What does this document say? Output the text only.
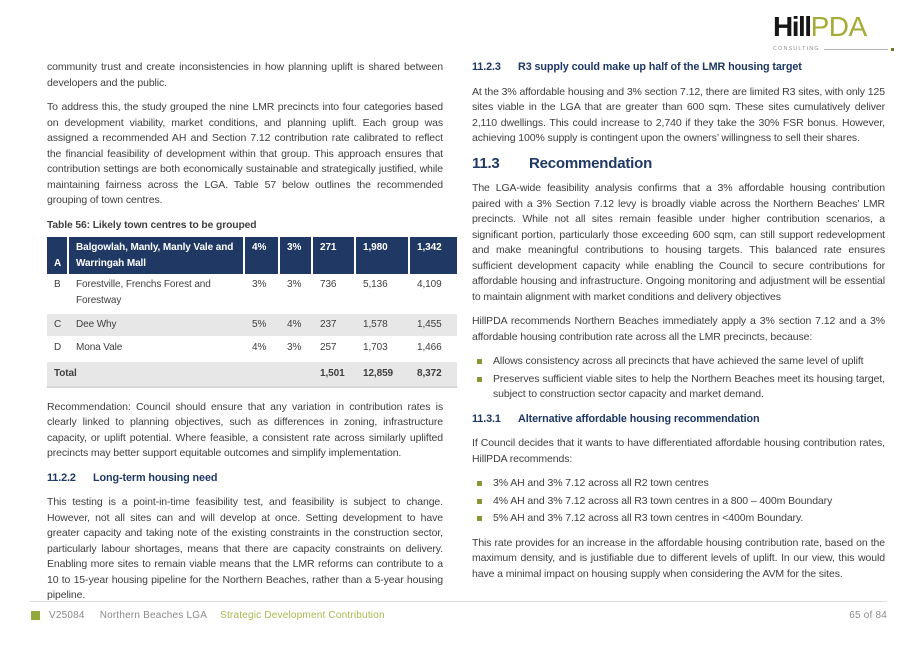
HillPDA
CONSULTING

community trust and create inconsistencies in how planning uplift is shared between developers and the public.

To address this, the study grouped the nine LMR precincts into four categories based on development viability, market conditions, and planning uplift. Each group was assigned a recommended AH and Section 7.12 contribution rate calibrated to reflect the financial feasibility of development within that group. This approach ensures that contribution settings are both economically sustainable and strategically justified, while maintaining fairness across the LGA. Table 57 below outlines the recommended grouping of town centres.

Table 56: Likely town centres to be grouped
A	Balgowlah, Manly, Manly Vale and Warringah Mall	4%	3%	271	1,980	1,342
B	Forestville, Frenchs Forest and Forestway	3%	3%	736	5,136	4,109
C	Dee Why	5%	4%	237	1,578	1,455
D	Mona Vale	4%	3%	257	1,703	1,466
Total				1,501	12,859	8,372

Recommendation: Council should ensure that any variation in contribution rates is clearly linked to planning objectives, such as differences in zoning, infrastructure capacity, or uplift potential. Where feasible, a consistent rate across similarly uplifted precincts may better support equitable outcomes and simplify implementation.

11.2.2 Long-term housing need

This testing is a point-in-time feasibility test, and feasibility is subject to change. However, not all sites can and will develop at once. Setting development to have greater capacity and taking note of the existing constraints in the construction sector, particularly labour shortages, means that there are capacity constraints on delivery. Enabling more sites to remain viable means that the LMR reforms can contribute to a 10 to 15-year housing pipeline for the Northern Beaches, rather than a 5-year housing pipeline.

11.2.3 R3 supply could make up half of the LMR housing target

At the 3% affordable housing and 3% section 7.12, there are limited R3 sites, with only 125 sites viable in the LGA that are greater than 600 sqm. These sites cumulatively deliver 2,110 dwellings. This could increase to 2,740 if they take the 30% FSR bonus. However, achieving 100% supply is contingent upon the owners’ willingness to sell their shares.

11.3 Recommendation

The LGA-wide feasibility analysis confirms that a 3% affordable housing contribution paired with a 3% Section 7.12 levy is broadly viable across the Northern Beaches’ LMR precincts. While not all sites remain feasible under higher contribution scenarios, a significant portion, particularly those exceeding 600 sqm, can still support redevelopment and make meaningful contributions to housing targets. This balanced rate ensures sufficient development capacity while enabling the Council to secure contributions for affordable housing and infrastructure. Ongoing monitoring and adjustment will be essential to maintain alignment with market conditions and delivery objectives

HillPDA recommends Northern Beaches immediately apply a 3% section 7.12 and a 3% affordable housing contribution rate across all the LMR precincts, because:

Allows consistency across all precincts that have achieved the same level of uplift
Preserves sufficient viable sites to help the Northern Beaches meet its housing target, subject to construction sector capacity and market demand.
11.3.1 Alternative affordable housing recommendation

If Council decides that it wants to have differentiated affordable housing contribution rates, HillPDA recommends:

3% AH and 3% 7.12 across all R2 town centres
4% AH and 3% 7.12 across all R3 town centres in a 800 – 400m Boundary
5% AH and 3% 7.12 across all R3 town centres in <400m Boundary.

This rate provides for an increase in the affordable housing contribution rate, based on the maximum density, and is justifiable due to different levels of uplift. In our view, this would have a minimal impact on housing supply when considering the AVM for the sites.

V25084 Northern Beaches LGA Strategic Development Contribution	65 of 84
